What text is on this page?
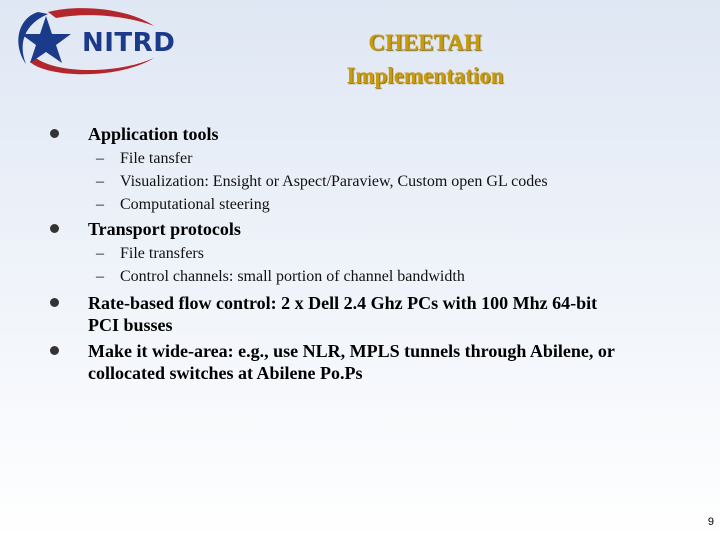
NITRD	CHEETAH
Implementation
Application tools
– File tansfer
– Visualization: Ensight or Aspect/Paraview, Custom open GL codes
– Computational steering
Transport protocols
– File transfers
– Control channels: small portion of channel bandwidth
Rate-based flow control: 2 x Dell 2.4 Ghz PCs with 100 Mhz 64-bit PCI busses
Make it wide-area: e.g., use NLR, MPLS tunnels through Abilene, or collocated switches at Abilene Po.Ps
9
